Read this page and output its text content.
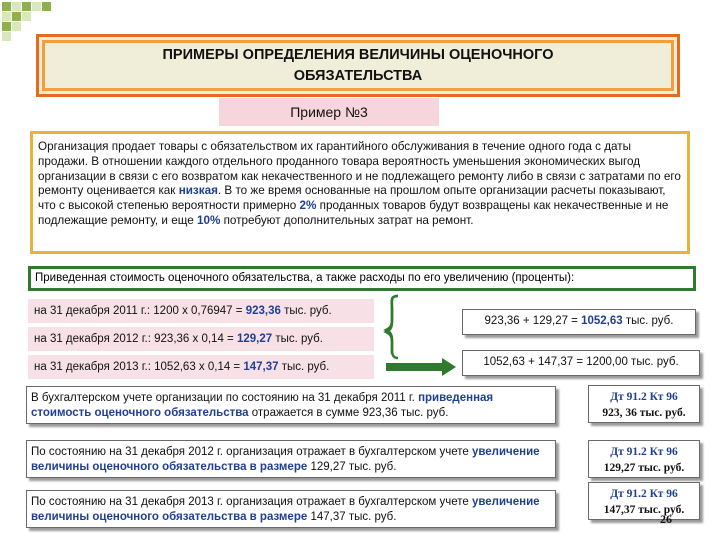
ПРИМЕРЫ ОПРЕДЕЛЕНИЯ ВЕЛИЧИНЫ ОЦЕНОЧНОГО
ОБЯЗАТЕЛЬСТВА
Пример №3
Организация продает товары с обязательством их гарантийного обслуживания в течение одного года с даты продажи. В отношении каждого отдельного проданного товара вероятность уменьшения экономических выгод организации в связи с его возвратом как некачественного и не подлежащего ремонту либо в связи с затратами по его ремонту оценивается как низкая. В то же время основанные на прошлом опыте организации расчеты показывают, что с высокой степенью вероятности примерно 2% проданных товаров будут возвращены как некачественные и не подлежащие ремонту, и еще 10% потребуют дополнительных затрат на ремонт.
Приведенная стоимость оценочного обязательства, а также расходы по его увеличению (проценты):
на 31 декабря 2011 г.: 1200 х 0,76947 = 923,36 тыс. руб.
на 31 декабря 2012 г.: 923,36 х 0,14 = 129,27 тыс. руб.
на 31 декабря 2013 г.: 1052,63 х 0,14 = 147,37 тыс. руб.
923,36 + 129,27 = 1052,63 тыс. руб.
1052,63 + 147,37 = 1200,00 тыс. руб.
В бухгалтерском учете организации по состоянию на 31 декабря 2011 г. приведенная стоимость оценочного обязательства отражается в сумме 923,36 тыс. руб.
Дт 91.2 Кт 96
923, 36 тыс. руб.
По состоянию на 31 декабря 2012 г. организация отражает в бухгалтерском учете увеличение величины оценочного обязательства в размере 129,27 тыс. руб.
Дт 91.2 Кт 96
129,27 тыс. руб.
По состоянию на 31 декабря 2013 г. организация отражает в бухгалтерском учете увеличение величины оценочного обязательства в размере 147,37 тыс. руб.
Дт 91.2 Кт 96
147,37 тыс. руб.
26
